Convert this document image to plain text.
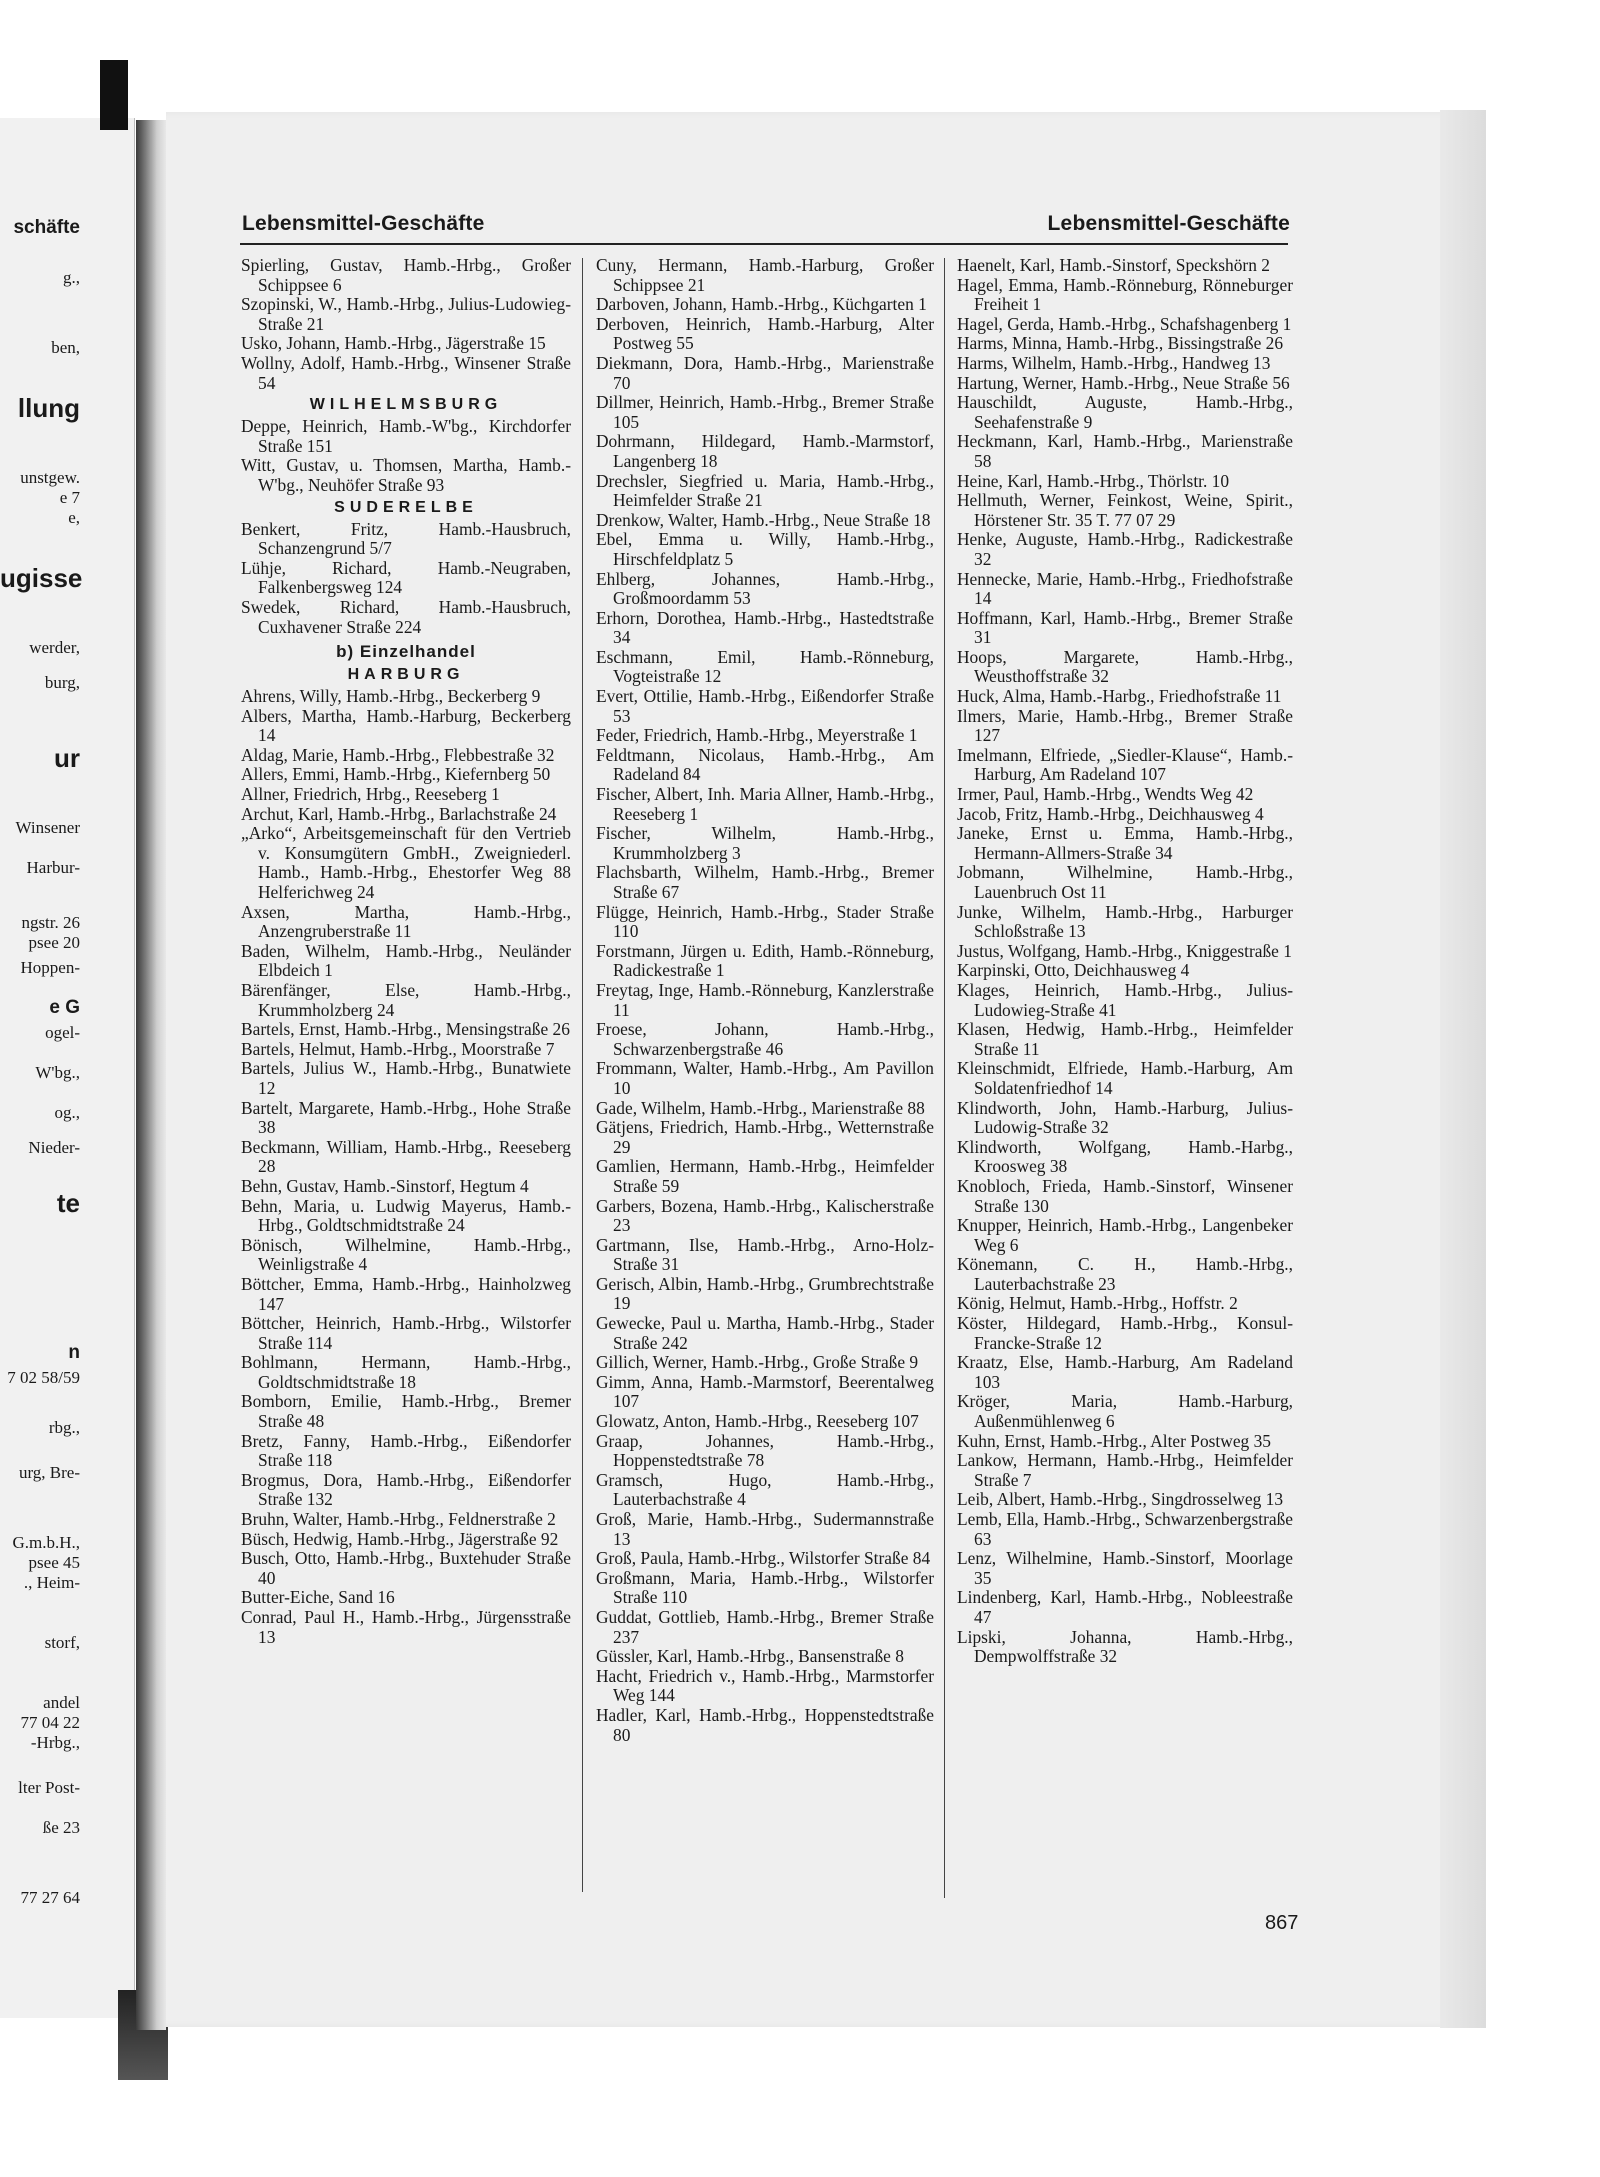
schäfte
g.,
ben,
llung
unstgew.
e 7
e,
ugisse
werder,
burg,
ur
Winsener
Harbur-
ngstr. 26
psee 20
Hoppen-
e G
ogel-
W'bg.,
og.,
Nieder-
te
n
7 02 58/59
rbg.,
urg, Bre-
G.m.b.H.,
psee 45
., Heim-
storf,
andel
77 04 22
-Hrbg.,
lter Post-
ße 23
77 27 64
Lebensmittel-Geschäfte	Lebensmittel-Geschäfte
Spierling, Gustav, Hamb.-Hrbg., Großer Schippsee 6
Szopinski, W., Hamb.-Hrbg., Julius-Ludowieg-Straße 21
Usko, Johann, Hamb.-Hrbg., Jägerstraße 15
Wollny, Adolf, Hamb.-Hrbg., Winsener Straße 54
WILHELMSBURG
Deppe, Heinrich, Hamb.-W'bg., Kirchdorfer Straße 151
Witt, Gustav, u. Thomsen, Martha, Hamb.-W'bg., Neuhöfer Straße 93
SUDERELBE
Benkert, Fritz, Hamb.-Hausbruch, Schanzengrund 5/7
Lühje, Richard, Hamb.-Neugraben, Falkenbergsweg 124
Swedek, Richard, Hamb.-Hausbruch, Cuxhavener Straße 224
b) Einzelhandel
HARBURG
Ahrens, Willy, Hamb.-Hrbg., Beckerberg 9
Albers, Martha, Hamb.-Harburg, Beckerberg 14
Aldag, Marie, Hamb.-Hrbg., Flebbestraße 32
Allers, Emmi, Hamb.-Hrbg., Kiefernberg 50
Allner, Friedrich, Hrbg., Reeseberg 1
Archut, Karl, Hamb.-Hrbg., Barlachstraße 24
„Arko“, Arbeitsgemeinschaft für den Vertrieb v. Konsumgütern GmbH., Zweigniederl. Hamb., Hamb.-Hrbg., Ehestorfer Weg 88 Helferichweg 24
Axsen, Martha, Hamb.-Hrbg., Anzengruberstraße 11
Baden, Wilhelm, Hamb.-Hrbg., Neuländer Elbdeich 1
Bärenfänger, Else, Hamb.-Hrbg., Krummholzberg 24
Bartels, Ernst, Hamb.-Hrbg., Mensingstraße 26
Bartels, Helmut, Hamb.-Hrbg., Moorstraße 7
Bartels, Julius W., Hamb.-Hrbg., Bunatwiete 12
Bartelt, Margarete, Hamb.-Hrbg., Hohe Straße 38
Beckmann, William, Hamb.-Hrbg., Reeseberg 28
Behn, Gustav, Hamb.-Sinstorf, Hegtum 4
Behn, Maria, u. Ludwig Mayerus, Hamb.-Hrbg., Goldtschmidtstraße 24
Bönisch, Wilhelmine, Hamb.-Hrbg., Weinligstraße 4
Böttcher, Emma, Hamb.-Hrbg., Hainholzweg 147
Böttcher, Heinrich, Hamb.-Hrbg., Wilstorfer Straße 114
Bohlmann, Hermann, Hamb.-Hrbg., Goldtschmidtstraße 18
Bomborn, Emilie, Hamb.-Hrbg., Bremer Straße 48
Bretz, Fanny, Hamb.-Hrbg., Eißendorfer Straße 118
Brogmus, Dora, Hamb.-Hrbg., Eißendorfer Straße 132
Bruhn, Walter, Hamb.-Hrbg., Feldnerstraße 2
Büsch, Hedwig, Hamb.-Hrbg., Jägerstraße 92
Busch, Otto, Hamb.-Hrbg., Buxtehuder Straße 40
Butter-Eiche, Sand 16
Conrad, Paul H., Hamb.-Hrbg., Jürgensstraße 13
Cuny, Hermann, Hamb.-Harburg, Großer Schippsee 21
Darboven, Johann, Hamb.-Hrbg., Küchgarten 1
Derboven, Heinrich, Hamb.-Harburg, Alter Postweg 55
Diekmann, Dora, Hamb.-Hrbg., Marienstraße 70
Dillmer, Heinrich, Hamb.-Hrbg., Bremer Straße 105
Dohrmann, Hildegard, Hamb.-Marmstorf, Langenberg 18
Drechsler, Siegfried u. Maria, Hamb.-Hrbg., Heimfelder Straße 21
Drenkow, Walter, Hamb.-Hrbg., Neue Straße 18
Ebel, Emma u. Willy, Hamb.-Hrbg., Hirschfeldplatz 5
Ehlberg, Johannes, Hamb.-Hrbg., Großmoordamm 53
Erhorn, Dorothea, Hamb.-Hrbg., Hastedtstraße 34
Eschmann, Emil, Hamb.-Rönneburg, Vogteistraße 12
Evert, Ottilie, Hamb.-Hrbg., Eißendorfer Straße 53
Feder, Friedrich, Hamb.-Hrbg., Meyerstraße 1
Feldtmann, Nicolaus, Hamb.-Hrbg., Am Radeland 84
Fischer, Albert, Inh. Maria Allner, Hamb.-Hrbg., Reeseberg 1
Fischer, Wilhelm, Hamb.-Hrbg., Krummholzberg 3
Flachsbarth, Wilhelm, Hamb.-Hrbg., Bremer Straße 67
Flügge, Heinrich, Hamb.-Hrbg., Stader Straße 110
Forstmann, Jürgen u. Edith, Hamb.-Rönneburg, Radickestraße 1
Freytag, Inge, Hamb.-Rönneburg, Kanzlerstraße 11
Froese, Johann, Hamb.-Hrbg., Schwarzenbergstraße 46
Frommann, Walter, Hamb.-Hrbg., Am Pavillon 10
Gade, Wilhelm, Hamb.-Hrbg., Marienstraße 88
Gätjens, Friedrich, Hamb.-Hrbg., Wetternstraße 29
Gamlien, Hermann, Hamb.-Hrbg., Heimfelder Straße 59
Garbers, Bozena, Hamb.-Hrbg., Kalischerstraße 23
Gartmann, Ilse, Hamb.-Hrbg., Arno-Holz-Straße 31
Gerisch, Albin, Hamb.-Hrbg., Grumbrechtstraße 19
Gewecke, Paul u. Martha, Hamb.-Hrbg., Stader Straße 242
Gillich, Werner, Hamb.-Hrbg., Große Straße 9
Gimm, Anna, Hamb.-Marmstorf, Beerentalweg 107
Glowatz, Anton, Hamb.-Hrbg., Reeseberg 107
Graap, Johannes, Hamb.-Hrbg., Hoppenstedtstraße 78
Gramsch, Hugo, Hamb.-Hrbg., Lauterbachstraße 4
Groß, Marie, Hamb.-Hrbg., Sudermannstraße 13
Groß, Paula, Hamb.-Hrbg., Wilstorfer Straße 84
Großmann, Maria, Hamb.-Hrbg., Wilstorfer Straße 110
Guddat, Gottlieb, Hamb.-Hrbg., Bremer Straße 237
Güssler, Karl, Hamb.-Hrbg., Bansenstraße 8
Hacht, Friedrich v., Hamb.-Hrbg., Marmstorfer Weg 144
Hadler, Karl, Hamb.-Hrbg., Hoppenstedtstraße 80
Haenelt, Karl, Hamb.-Sinstorf, Speckshörn 2
Hagel, Emma, Hamb.-Rönneburg, Rönneburger Freiheit 1
Hagel, Gerda, Hamb.-Hrbg., Schafshagenberg 1
Harms, Minna, Hamb.-Hrbg., Bissingstraße 26
Harms, Wilhelm, Hamb.-Hrbg., Handweg 13
Hartung, Werner, Hamb.-Hrbg., Neue Straße 56
Hauschildt, Auguste, Hamb.-Hrbg., Seehafenstraße 9
Heckmann, Karl, Hamb.-Hrbg., Marienstraße 58
Heine, Karl, Hamb.-Hrbg., Thörlstr. 10
Hellmuth, Werner, Feinkost, Weine, Spirit., Hörstener Str. 35 T. 77 07 29
Henke, Auguste, Hamb.-Hrbg., Radickestraße 32
Hennecke, Marie, Hamb.-Hrbg., Friedhofstraße 14
Hoffmann, Karl, Hamb.-Hrbg., Bremer Straße 31
Hoops, Margarete, Hamb.-Hrbg., Weusthoffstraße 32
Huck, Alma, Hamb.-Harbg., Friedhofstraße 11
Ilmers, Marie, Hamb.-Hrbg., Bremer Straße 127
Imelmann, Elfriede, „Siedler-Klause“, Hamb.-Harburg, Am Radeland 107
Irmer, Paul, Hamb.-Hrbg., Wendts Weg 42
Jacob, Fritz, Hamb.-Hrbg., Deichhausweg 4
Janeke, Ernst u. Emma, Hamb.-Hrbg., Hermann-Allmers-Straße 34
Jobmann, Wilhelmine, Hamb.-Hrbg., Lauenbruch Ost 11
Junke, Wilhelm, Hamb.-Hrbg., Harburger Schloßstraße 13
Justus, Wolfgang, Hamb.-Hrbg., Kniggestraße 1
Karpinski, Otto, Deichhausweg 4
Klages, Heinrich, Hamb.-Hrbg., Julius-Ludowieg-Straße 41
Klasen, Hedwig, Hamb.-Hrbg., Heimfelder Straße 11
Kleinschmidt, Elfriede, Hamb.-Harburg, Am Soldatenfriedhof 14
Klindworth, John, Hamb.-Harburg, Julius-Ludowig-Straße 32
Klindworth, Wolfgang, Hamb.-Harbg., Kroosweg 38
Knobloch, Frieda, Hamb.-Sinstorf, Winsener Straße 130
Knupper, Heinrich, Hamb.-Hrbg., Langenbeker Weg 6
Könemann, C. H., Hamb.-Hrbg., Lauterbachstraße 23
König, Helmut, Hamb.-Hrbg., Hoffstr. 2
Köster, Hildegard, Hamb.-Hrbg., Konsul-Francke-Straße 12
Kraatz, Else, Hamb.-Harburg, Am Radeland 103
Kröger, Maria, Hamb.-Harburg, Außenmühlenweg 6
Kuhn, Ernst, Hamb.-Hrbg., Alter Postweg 35
Lankow, Hermann, Hamb.-Hrbg., Heimfelder Straße 7
Leib, Albert, Hamb.-Hrbg., Singdrosselweg 13
Lemb, Ella, Hamb.-Hrbg., Schwarzenbergstraße 63
Lenz, Wilhelmine, Hamb.-Sinstorf, Moorlage 35
Lindenberg, Karl, Hamb.-Hrbg., Nobleestraße 47
Lipski, Johanna, Hamb.-Hrbg., Dempwolffstraße 32
867
